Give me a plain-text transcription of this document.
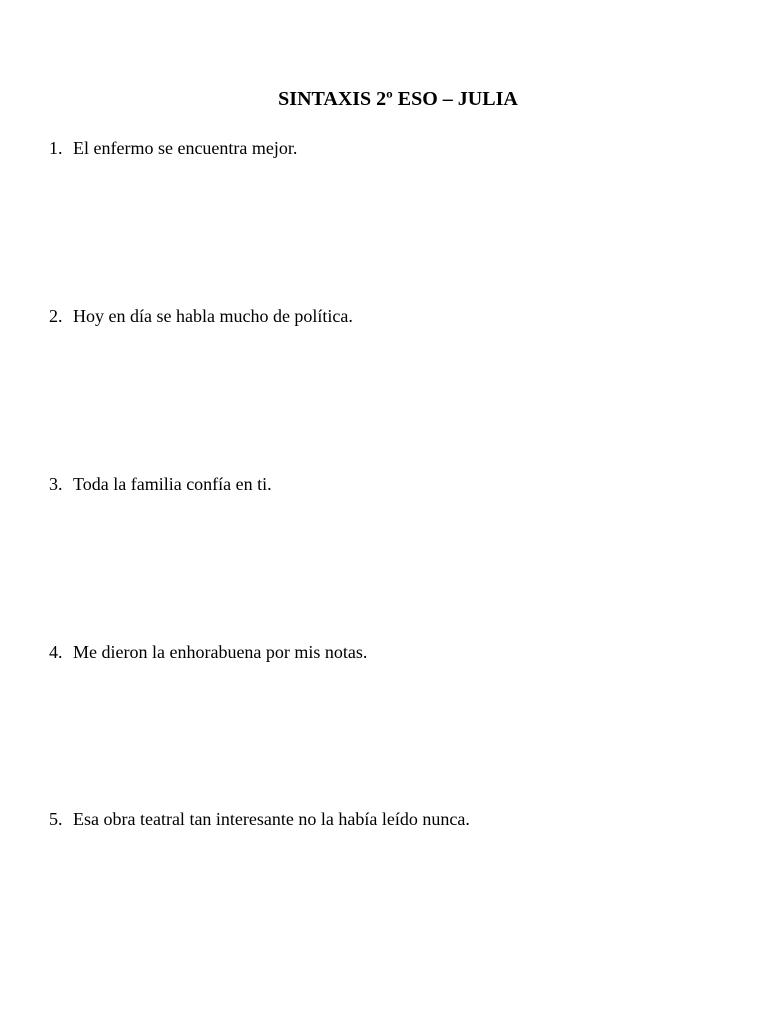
SINTAXIS 2º ESO – JULIA
1. El enfermo se encuentra mejor.
2. Hoy en día se habla mucho de política.
3. Toda la familia confía en ti.
4. Me dieron la enhorabuena por mis notas.
5. Esa obra teatral tan interesante no la había leído nunca.
